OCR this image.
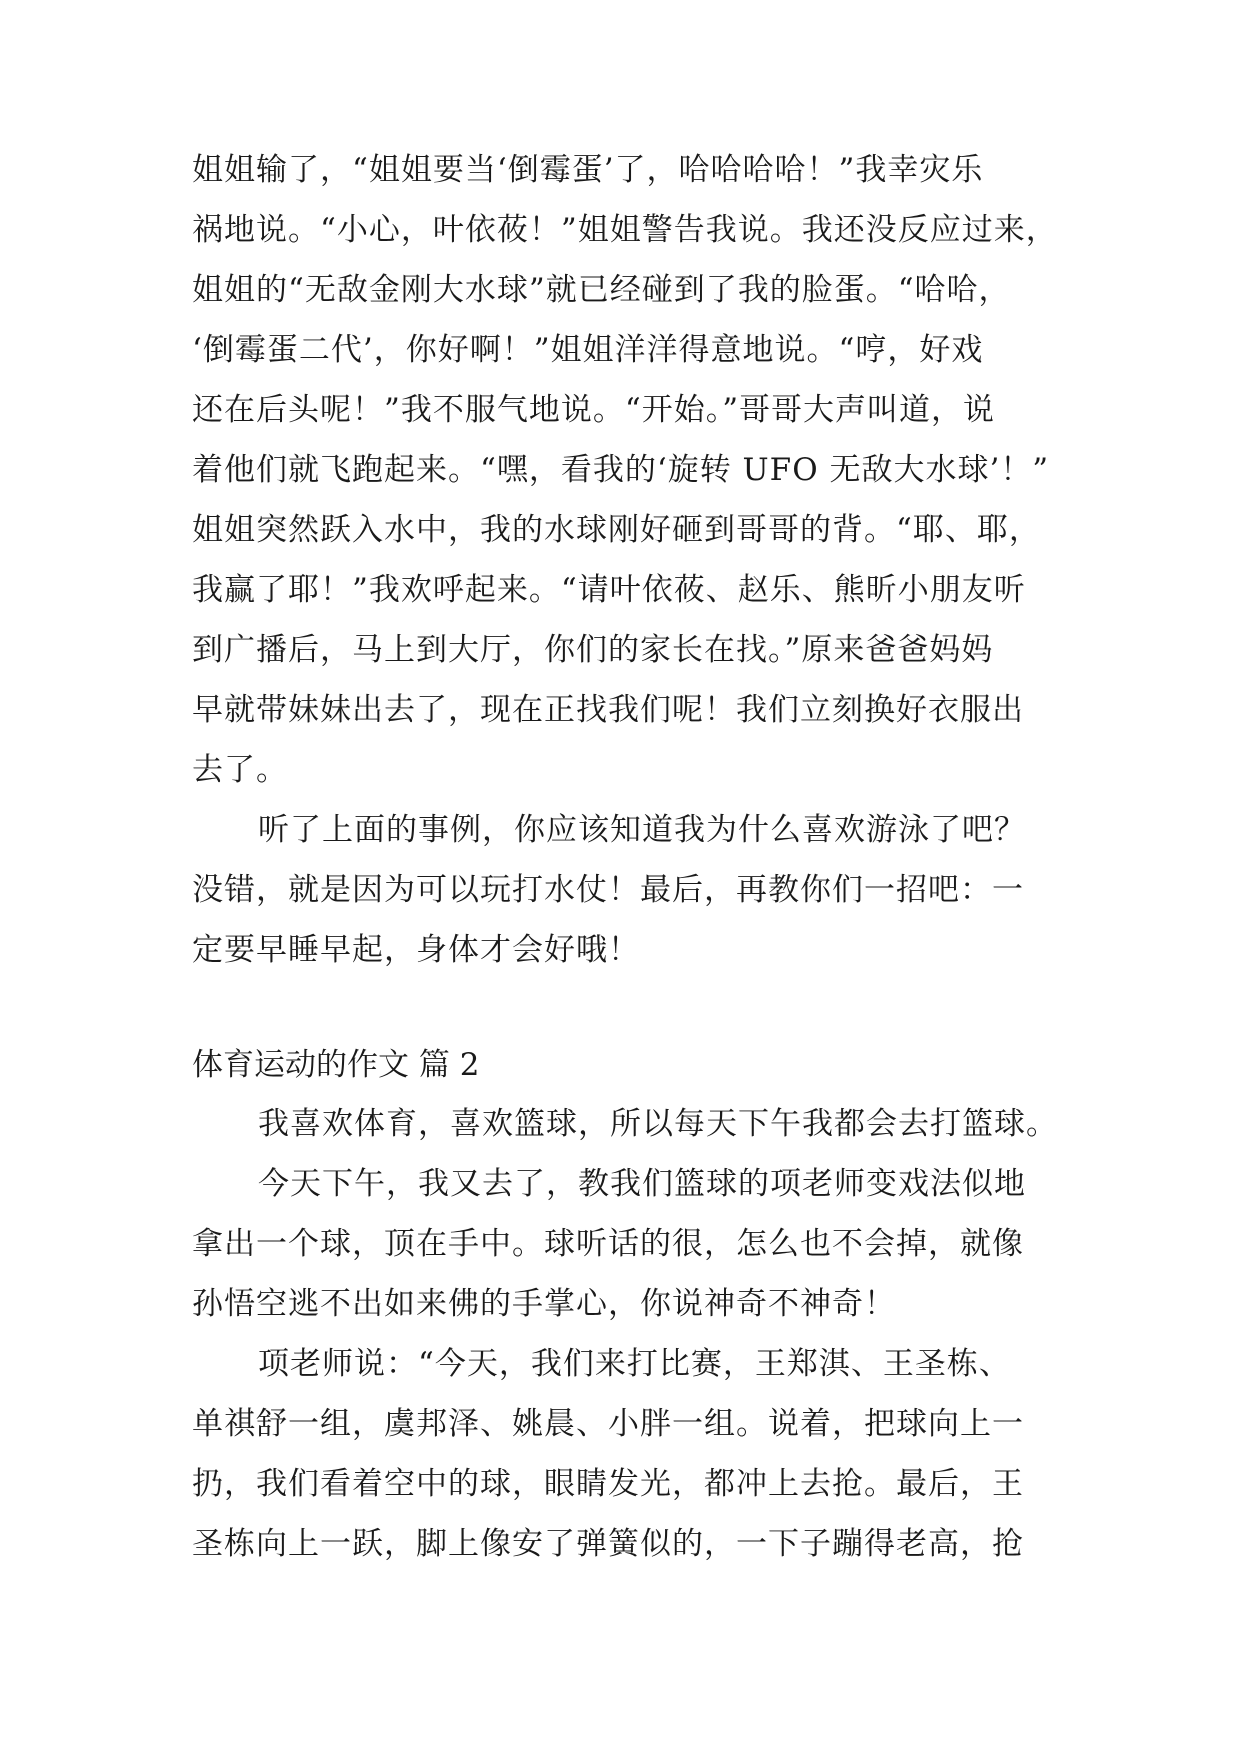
姐姐输了，“姐姐要当‘倒霉蛋’了，哈哈哈哈！”我幸灾乐
祸地说。“小心，叶依莜！”姐姐警告我说。我还没反应过来，
姐姐的“无敌金刚大水球”就已经碰到了我的脸蛋。“哈哈，
‘倒霉蛋二代’，你好啊！”姐姐洋洋得意地说。“哼，好戏
还在后头呢！”我不服气地说。“开始。”哥哥大声叫道，说
着他们就飞跑起来。“嘿，看我的‘旋转 UFO 无敌大水球’！”
姐姐突然跃入水中，我的水球刚好砸到哥哥的背。“耶、耶，
我赢了耶！”我欢呼起来。“请叶依莜、赵乐、熊昕小朋友听
到广播后，马上到大厅，你们的家长在找。”原来爸爸妈妈
早就带妹妹出去了，现在正找我们呢！我们立刻换好衣服出
去了。
听了上面的事例，你应该知道我为什么喜欢游泳了吧？
没错，就是因为可以玩打水仗！最后，再教你们一招吧：一
定要早睡早起，身体才会好哦！
体育运动的作文 篇 2
我喜欢体育，喜欢篮球，所以每天下午我都会去打篮球。
今天下午，我又去了，教我们篮球的项老师变戏法似地
拿出一个球，顶在手中。球听话的很，怎么也不会掉，就像
孙悟空逃不出如来佛的手掌心，你说神奇不神奇！
项老师说：“今天，我们来打比赛，王郑淇、王圣栋、
单祺舒一组，虞邦泽、姚晨、小胖一组。说着，把球向上一
扔，我们看着空中的球，眼睛发光，都冲上去抢。最后，王
圣栋向上一跃，脚上像安了弹簧似的，一下子蹦得老高，抢
